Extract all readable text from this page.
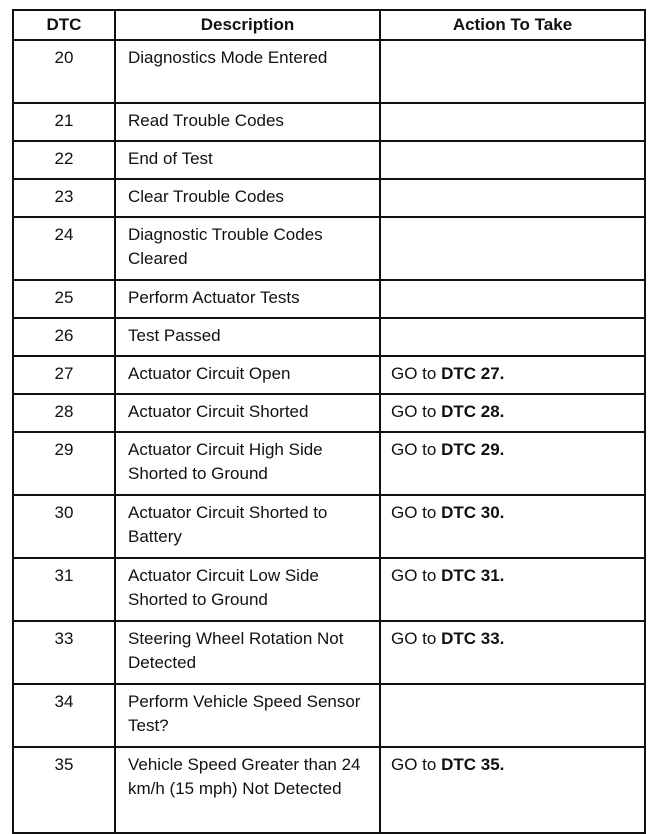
DTC	Description	Action To Take
20	Diagnostics Mode Entered	
21	Read Trouble Codes	
22	End of Test	
23	Clear Trouble Codes	
24	Diagnostic Trouble Codes Cleared	
25	Perform Actuator Tests	
26	Test Passed	
27	Actuator Circuit Open	GO to DTC 27.
28	Actuator Circuit Shorted	GO to DTC 28.
29	Actuator Circuit High Side Shorted to Ground	GO to DTC 29.
30	Actuator Circuit Shorted to Battery	GO to DTC 30.
31	Actuator Circuit Low Side Shorted to Ground	GO to DTC 31.
33	Steering Wheel Rotation Not Detected	GO to DTC 33.
34	Perform Vehicle Speed Sensor Test?	
35	Vehicle Speed Greater than 24 km/h (15 mph) Not Detected	GO to DTC 35.
